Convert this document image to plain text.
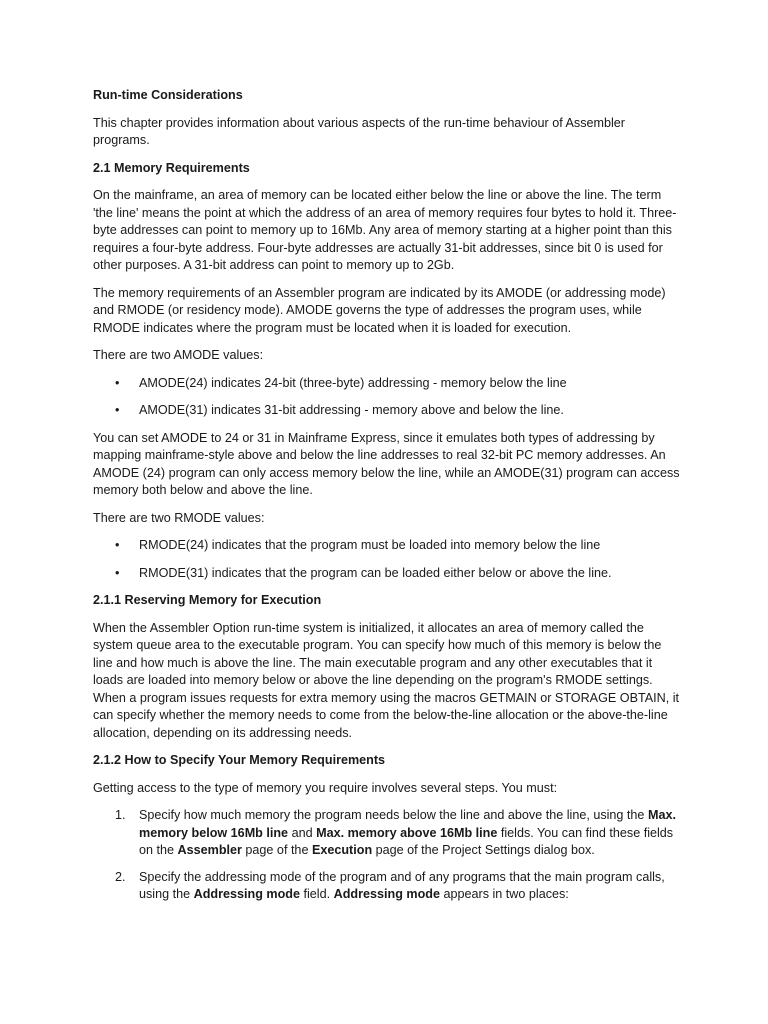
Run-time Considerations

This chapter provides information about various aspects of the run-time behaviour of Assembler programs.

2.1 Memory Requirements

On the mainframe, an area of memory can be located either below the line or above the line. The term 'the line' means the point at which the address of an area of memory requires four bytes to hold it. Three-byte addresses can point to memory up to 16Mb. Any area of memory starting at a higher point than this requires a four-byte address. Four-byte addresses are actually 31-bit addresses, since bit 0 is used for other purposes. A 31-bit address can point to memory up to 2Gb.

The memory requirements of an Assembler program are indicated by its AMODE (or addressing mode) and RMODE (or residency mode). AMODE governs the type of addresses the program uses, while RMODE indicates where the program must be located when it is loaded for execution.

There are two AMODE values:

• AMODE(24) indicates 24-bit (three-byte) addressing - memory below the line
• AMODE(31) indicates 31-bit addressing - memory above and below the line.

You can set AMODE to 24 or 31 in Mainframe Express, since it emulates both types of addressing by mapping mainframe-style above and below the line addresses to real 32-bit PC memory addresses. An AMODE (24) program can only access memory below the line, while an AMODE(31) program can access memory both below and above the line.

There are two RMODE values:

• RMODE(24) indicates that the program must be loaded into memory below the line
• RMODE(31) indicates that the program can be loaded either below or above the line.
2.1.1 Reserving Memory for Execution

When the Assembler Option run-time system is initialized, it allocates an area of memory called the system queue area to the executable program. You can specify how much of this memory is below the line and how much is above the line. The main executable program and any other executables that it loads are loaded into memory below or above the line depending on the program's RMODE settings. When a program issues requests for extra memory using the macros GETMAIN or STORAGE OBTAIN, it can specify whether the memory needs to come from the below-the-line allocation or the above-the-line allocation, depending on its addressing needs.

2.1.2 How to Specify Your Memory Requirements

Getting access to the type of memory you require involves several steps. You must:

1. Specify how much memory the program needs below the line and above the line, using the Max. memory below 16Mb line and Max. memory above 16Mb line fields. You can find these fields on the Assembler page of the Execution page of the Project Settings dialog box.
2. Specify the addressing mode of the program and of any programs that the main program calls, using the Addressing mode field. Addressing mode appears in two places:
